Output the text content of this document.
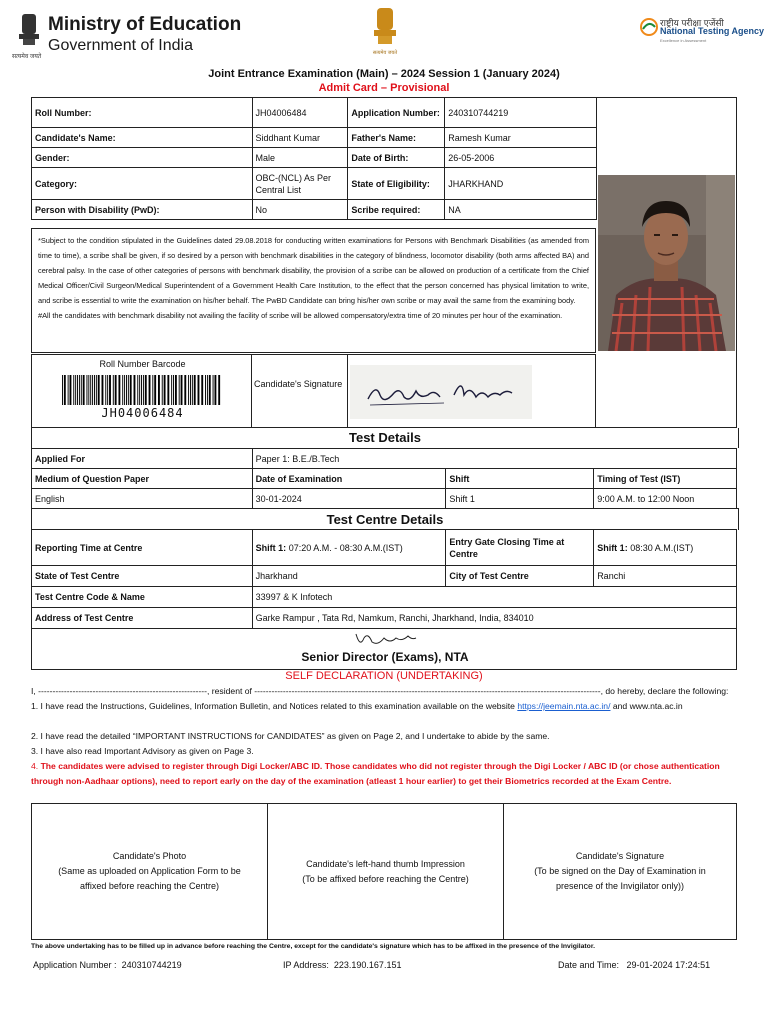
Ministry of Education
Government of India
सत्यमेव जयते
सत्यमेव जयते
राष्ट्रीय परीक्षा एजेंसी
National Testing Agency
Excellence in Assessment
Joint Entrance Examination (Main) – 2024 Session 1 (January 2024)
Admit Card – Provisional
Roll Number:	JH04006484	Application Number:	240310744219
Candidate's Name:	Siddhant Kumar	Father's Name:	Ramesh Kumar
Gender:	Male	Date of Birth:	26-05-2006
Category:	OBC-(NCL) As Per Central List	State of Eligibility:	JHARKHAND
Person with Disability (PwD):	No	Scribe required:	NA
*Subject to the condition stipulated in the Guidelines dated 29.08.2018 for conducting written examinations for Persons with Benchmark Disabilities (as amended from time to time), a scribe shall be given, if so desired by a person with benchmark disabilities in the category of blindness, locomotor disability (both arms affected BA) and cerebral palsy. In the case of other categories of persons with benchmark disability, the provision of a scribe can be allowed on production of a certificate from the Chief Medical Officer/Civil Surgeon/Medical Superintendent of a Government Health Care Institution, to the effect that the person concerned has physical limitation to write, and scribe is essential to write the examination on his/her behalf. The PwBD Candidate can bring his/her own scribe or may avail the same from the examining body.
#All the candidates with benchmark disability not availing the facility of scribe will be allowed compensatory/extra time of 20 minutes per hour of the examination.
Roll Number Barcode
JH04006484
Candidate's Signature
Test Details
Applied For	Paper 1: B.E./B.Tech		
Medium of Question Paper	Date of Examination	Shift	Timing of Test (IST)
English	30-01-2024	Shift 1	9:00 A.M. to 12:00 Noon
Test Centre Details
Reporting Time at Centre	Shift 1: 07:20 A.M. - 08:30 A.M.(IST)	Entry Gate Closing Time at Centre	Shift 1: 08:30 A.M.(IST)
State of Test Centre	Jharkhand	City of Test Centre	Ranchi
Test Centre Code & Name	33997 & K Infotech		
Address of Test Centre	Garke Rampur , Tata Rd, Namkum, Ranchi, Jharkhand, India, 834010		
Senior Director (Exams), NTA
SELF DECLARATION (UNDERTAKING)
I, -----------------------------------------------------------, resident of -------------------------------------------------------------------------------------------------------------------------, do hereby, declare the following:
1. I have read the Instructions, Guidelines, Information Bulletin, and Notices related to this examination available on the website https://jeemain.nta.ac.in/ and www.nta.ac.in
2. I have read the detailed “IMPORTANT INSTRUCTIONS for CANDIDATES” as given on Page 2, and I undertake to abide by the same.
3. I have also read Important Advisory as given on Page 3.
4. The candidates were advised to register through Digi Locker/ABC ID. Those candidates who did not register through the Digi Locker / ABC ID (or chose authentication through non-Aadhaar options), need to report early on the day of the examination (atleast 1 hour earlier) to get their Biometrics recorded at the Exam Centre.
Candidate's Photo
(Same as uploaded on Application Form to be affixed before reaching the Centre)
Candidate's left-hand thumb Impression
(To be affixed before reaching the Centre)
Candidate's Signature
(To be signed on the Day of Examination in presence of the Invigilator only))
The above undertaking has to be filled up in advance before reaching the Centre, except for the candidate's signature which has to be affixed in the presence of the Invigilator.
Application Number : 240310744219	IP Address: 223.190.167.151	Date and Time: 29-01-2024 17:24:51
